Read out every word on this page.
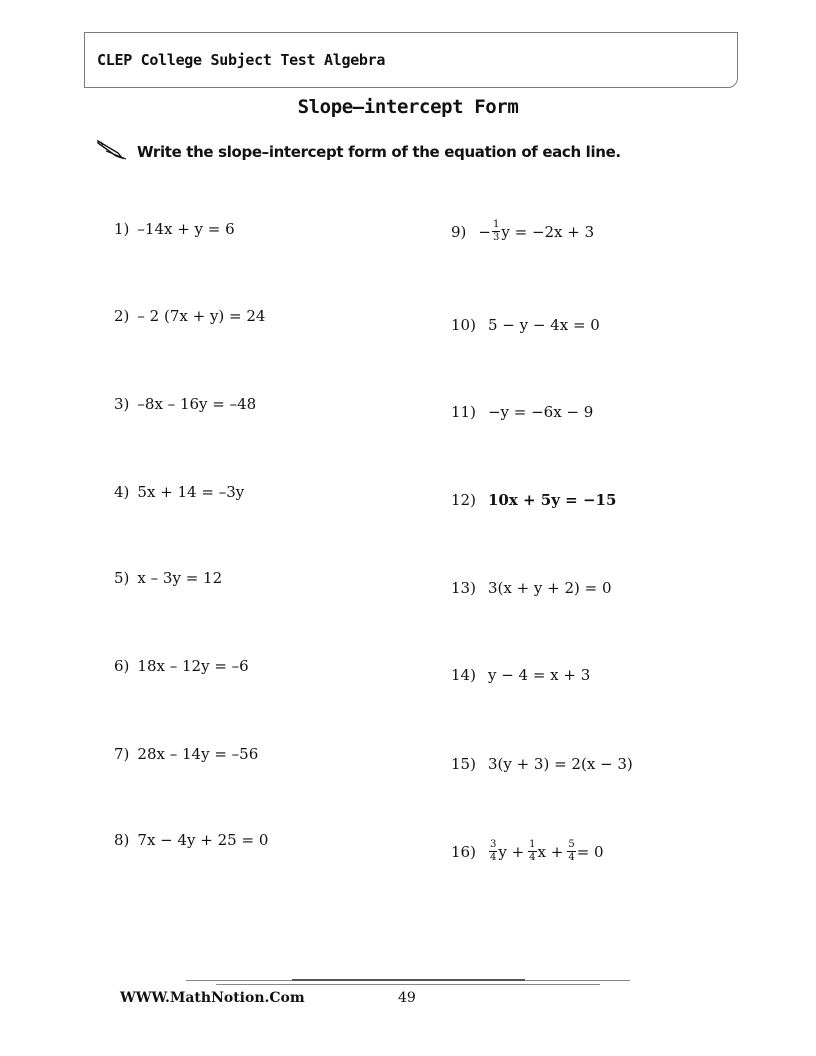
CLEP College Subject Test Algebra
Slope–intercept Form
Write the slope–intercept form of the equation of each line.
1) –14x + y = 6
2) – 2 (7x + y) = 24
3) –8x – 16y = –48
4) 5x + 14 = –3y
5) x – 3y = 12
6) 18x – 12y = –6
7) 28x – 14y = –56
8) 7x − 4y + 25 = 0
$9) - \frac{1}{3}$ y = −2x + 3
10) 5 − y − 4x = 0
11) −y = −6x − 9
12) 10x + 5y = −15
13) 3(x + y + 2) = 0
14) y − 4 = x + 3
15) 3(y + 3) = 2(x − 3)
$16) \frac{3}{4}$ $y + \frac{1}{4}$ $x + \frac{5}{4} = 0$
WWW.MathNotion.Com	49
